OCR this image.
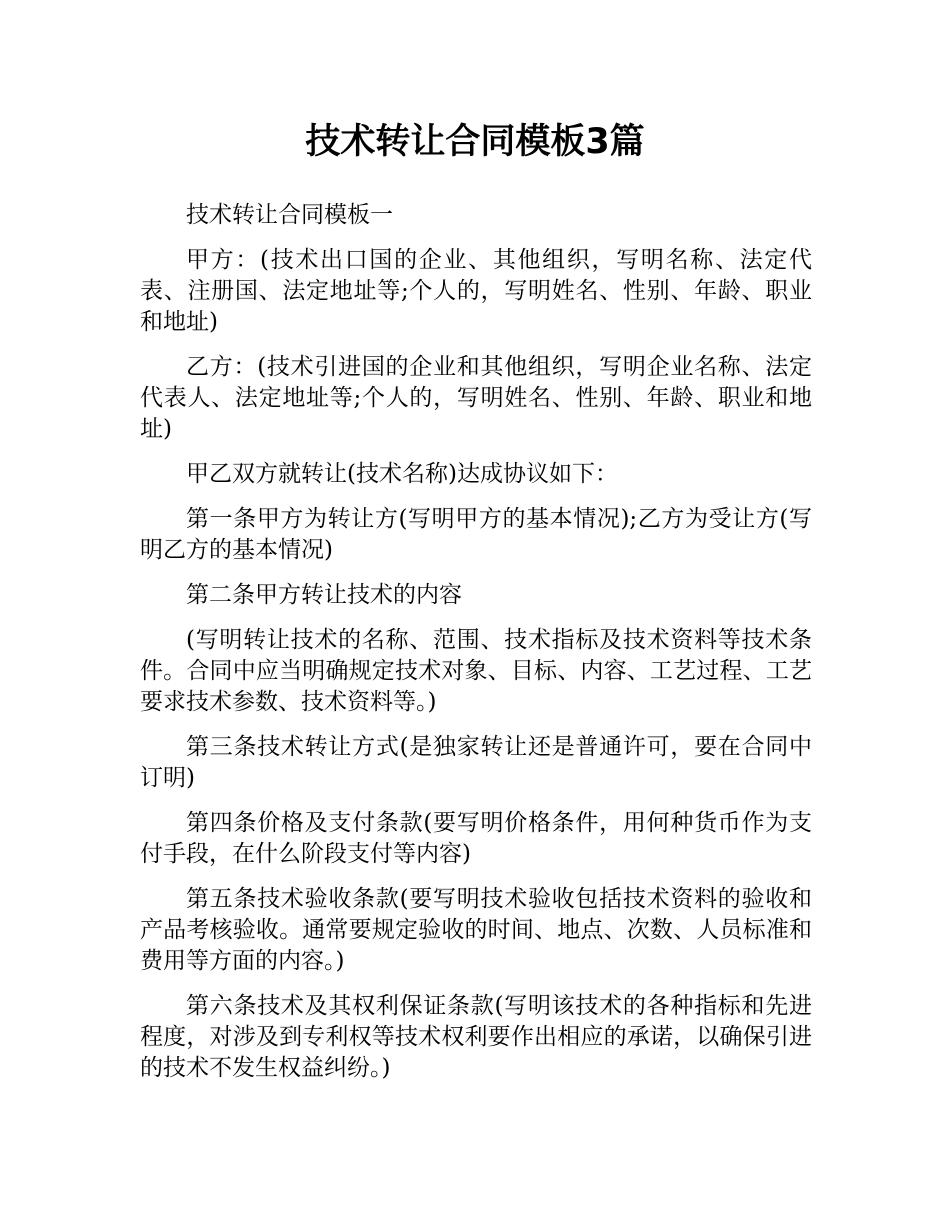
技术转让合同模板3篇

技术转让合同模板一

甲方：(技术出口国的企业、其他组织，写明名称、法定代表、注册国、法定地址等;个人的，写明姓名、性别、年龄、职业和地址)

乙方：(技术引进国的企业和其他组织，写明企业名称、法定代表人、法定地址等;个人的，写明姓名、性别、年龄、职业和地址)

甲乙双方就转让(技术名称)达成协议如下：

第一条甲方为转让方(写明甲方的基本情况);乙方为受让方(写明乙方的基本情况)

第二条甲方转让技术的内容

(写明转让技术的名称、范围、技术指标及技术资料等技术条件。合同中应当明确规定技术对象、目标、内容、工艺过程、工艺要求技术参数、技术资料等。)

第三条技术转让方式(是独家转让还是普通许可，要在合同中订明)

第四条价格及支付条款(要写明价格条件，用何种货币作为支付手段，在什么阶段支付等内容)

第五条技术验收条款(要写明技术验收包括技术资料的验收和产品考核验收。通常要规定验收的时间、地点、次数、人员标准和费用等方面的内容。)

第六条技术及其权利保证条款(写明该技术的各种指标和先进程度，对涉及到专利权等技术权利要作出相应的承诺，以确保引进的技术不发生权益纠纷。)
